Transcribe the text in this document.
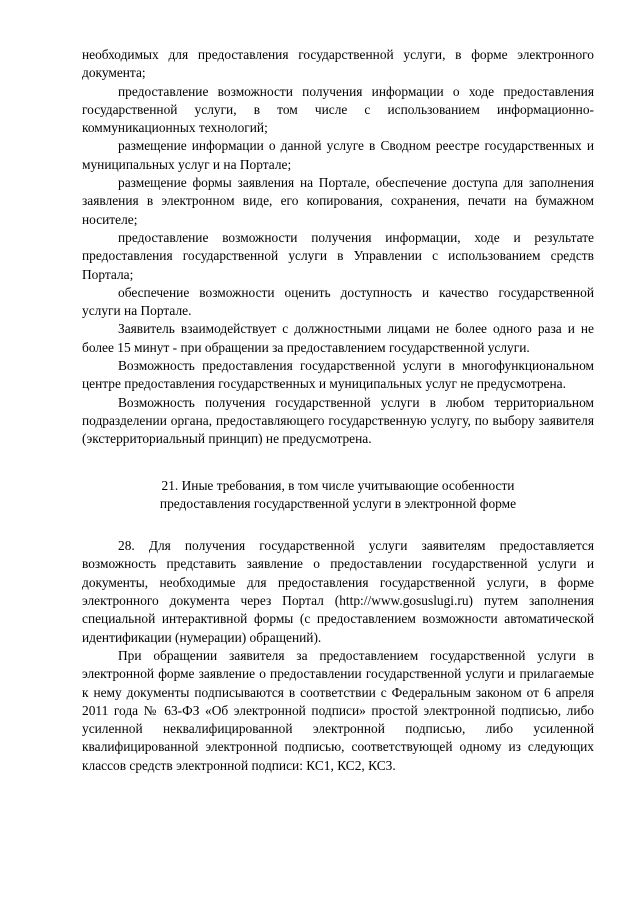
необходимых для предоставления государственной услуги, в форме электронного документа;

предоставление возможности получения информации о ходе предоставления государственной услуги, в том числе с использованием информационно-коммуникационных технологий;

размещение информации о данной услуге в Сводном реестре государственных и муниципальных услуг и на Портале;

размещение формы заявления на Портале, обеспечение доступа для заполнения заявления в электронном виде, его копирования, сохранения, печати на бумажном носителе;

предоставление возможности получения информации, ходе и результате предоставления государственной услуги в Управлении с использованием средств Портала;

обеспечение возможности оценить доступность и качество государственной услуги на Портале.

Заявитель взаимодействует с должностными лицами не более одного раза и не более 15 минут - при обращении за предоставлением государственной услуги.

Возможность предоставления государственной услуги в многофункциональном центре предоставления государственных и муниципальных услуг не предусмотрена.

Возможность получения государственной услуги в любом территориальном подразделении органа, предоставляющего государственную услугу, по выбору заявителя (экстерриториальный принцип) не предусмотрена.

21. Иные требования, в том числе учитывающие особенности
предоставления государственной услуги в электронной форме

28. Для получения государственной услуги заявителям предоставляется возможность представить заявление о предоставлении государственной услуги и документы, необходимые для предоставления государственной услуги, в форме электронного документа через Портал (http://www.gosuslugi.ru) путем заполнения специальной интерактивной формы (с предоставлением возможности автоматической идентификации (нумерации) обращений).

При обращении заявителя за предоставлением государственной услуги в электронной форме заявление о предоставлении государственной услуги и прилагаемые к нему документы подписываются в соответствии с Федеральным законом от 6 апреля 2011 года № 63-ФЗ «Об электронной подписи» простой электронной подписью, либо усиленной неквалифицированной электронной подписью, либо усиленной квалифицированной электронной подписью, соответствующей одному из следующих классов средств электронной подписи: КС1, КС2, КС3.
